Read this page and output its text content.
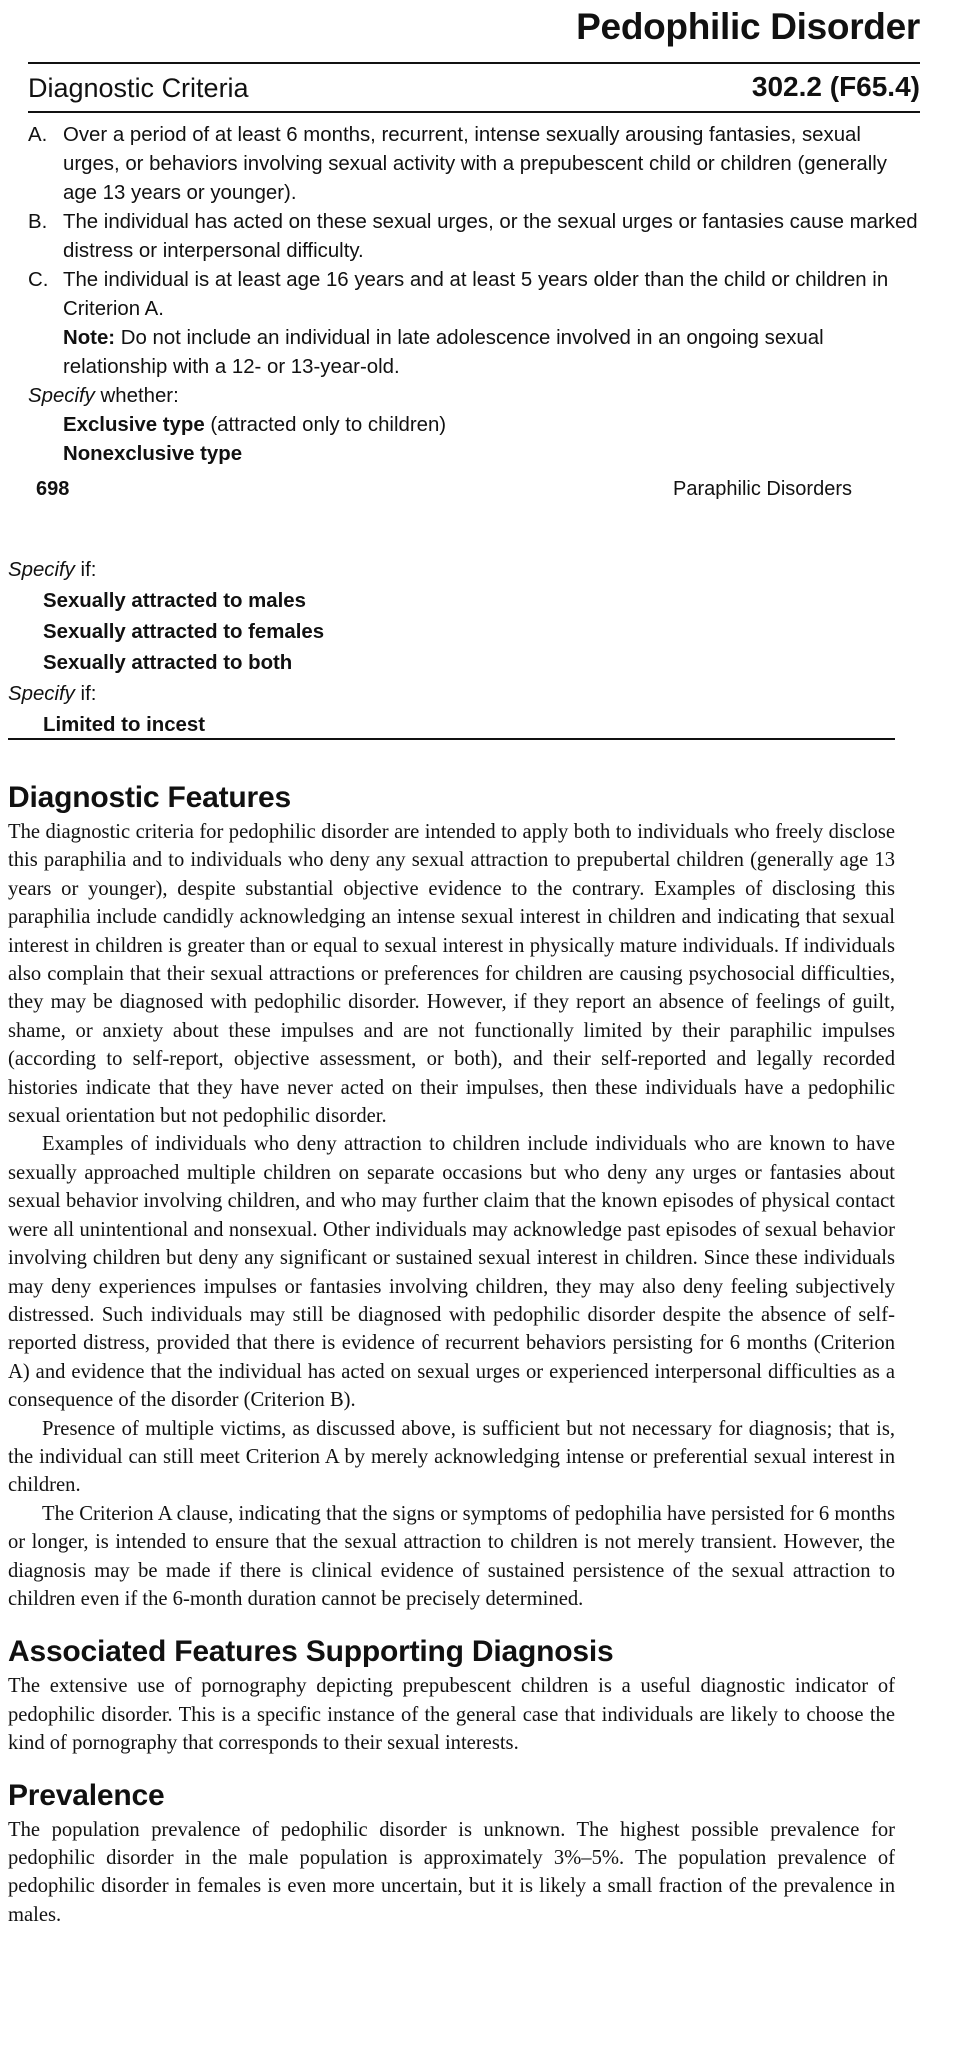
Pedophilic Disorder
Diagnostic Criteria	302.2 (F65.4)
A. Over a period of at least 6 months, recurrent, intense sexually arousing fantasies, sexual urges, or behaviors involving sexual activity with a prepubescent child or children (generally age 13 years or younger).
B. The individual has acted on these sexual urges, or the sexual urges or fantasies cause marked distress or interpersonal difficulty.
C. The individual is at least age 16 years and at least 5 years older than the child or children in Criterion A.
Note: Do not include an individual in late adolescence involved in an ongoing sexual relationship with a 12- or 13-year-old.
Specify whether:
Exclusive type (attracted only to children)
Nonexclusive type
698	Paraphilic Disorders
Specify if:
Sexually attracted to males
Sexually attracted to females
Sexually attracted to both
Specify if:
Limited to incest
Diagnostic Features

The diagnostic criteria for pedophilic disorder are intended to apply both to individuals who freely disclose this paraphilia and to individuals who deny any sexual attraction to prepubertal children (generally age 13 years or younger), despite substantial objective evidence to the contrary. Examples of disclosing this paraphilia include candidly acknowledging an intense sexual interest in children and indicating that sexual interest in children is greater than or equal to sexual interest in physically mature individuals. If individuals also complain that their sexual attractions or preferences for children are causing psychosocial difficulties, they may be diagnosed with pedophilic disorder. However, if they report an absence of feelings of guilt, shame, or anxiety about these impulses and are not functionally limited by their paraphilic impulses (according to self-report, objective assessment, or both), and their self-reported and legally recorded histories indicate that they have never acted on their impulses, then these individuals have a pedophilic sexual orientation but not pedophilic disorder.

Examples of individuals who deny attraction to children include individuals who are known to have sexually approached multiple children on separate occasions but who deny any urges or fantasies about sexual behavior involving children, and who may further claim that the known episodes of physical contact were all unintentional and nonsexual. Other individuals may acknowledge past episodes of sexual behavior involving children but deny any significant or sustained sexual interest in children. Since these individuals may deny experiences impulses or fantasies involving children, they may also deny feeling subjectively distressed. Such individuals may still be diagnosed with pedophilic disorder despite the absence of self-reported distress, provided that there is evidence of recurrent behaviors persisting for 6 months (Criterion A) and evidence that the individual has acted on sexual urges or experienced interpersonal difficulties as a consequence of the disorder (Criterion B).

Presence of multiple victims, as discussed above, is sufficient but not necessary for diagnosis; that is, the individual can still meet Criterion A by merely acknowledging intense or preferential sexual interest in children.

The Criterion A clause, indicating that the signs or symptoms of pedophilia have persisted for 6 months or longer, is intended to ensure that the sexual attraction to children is not merely transient. However, the diagnosis may be made if there is clinical evidence of sustained persistence of the sexual attraction to children even if the 6-month duration cannot be precisely determined.

Associated Features Supporting Diagnosis

The extensive use of pornography depicting prepubescent children is a useful diagnostic indicator of pedophilic disorder. This is a specific instance of the general case that individuals are likely to choose the kind of pornography that corresponds to their sexual interests.

Prevalence

The population prevalence of pedophilic disorder is unknown. The highest possible prevalence for pedophilic disorder in the male population is approximately 3%–5%. The population prevalence of pedophilic disorder in females is even more uncertain, but it is likely a small fraction of the prevalence in males.
